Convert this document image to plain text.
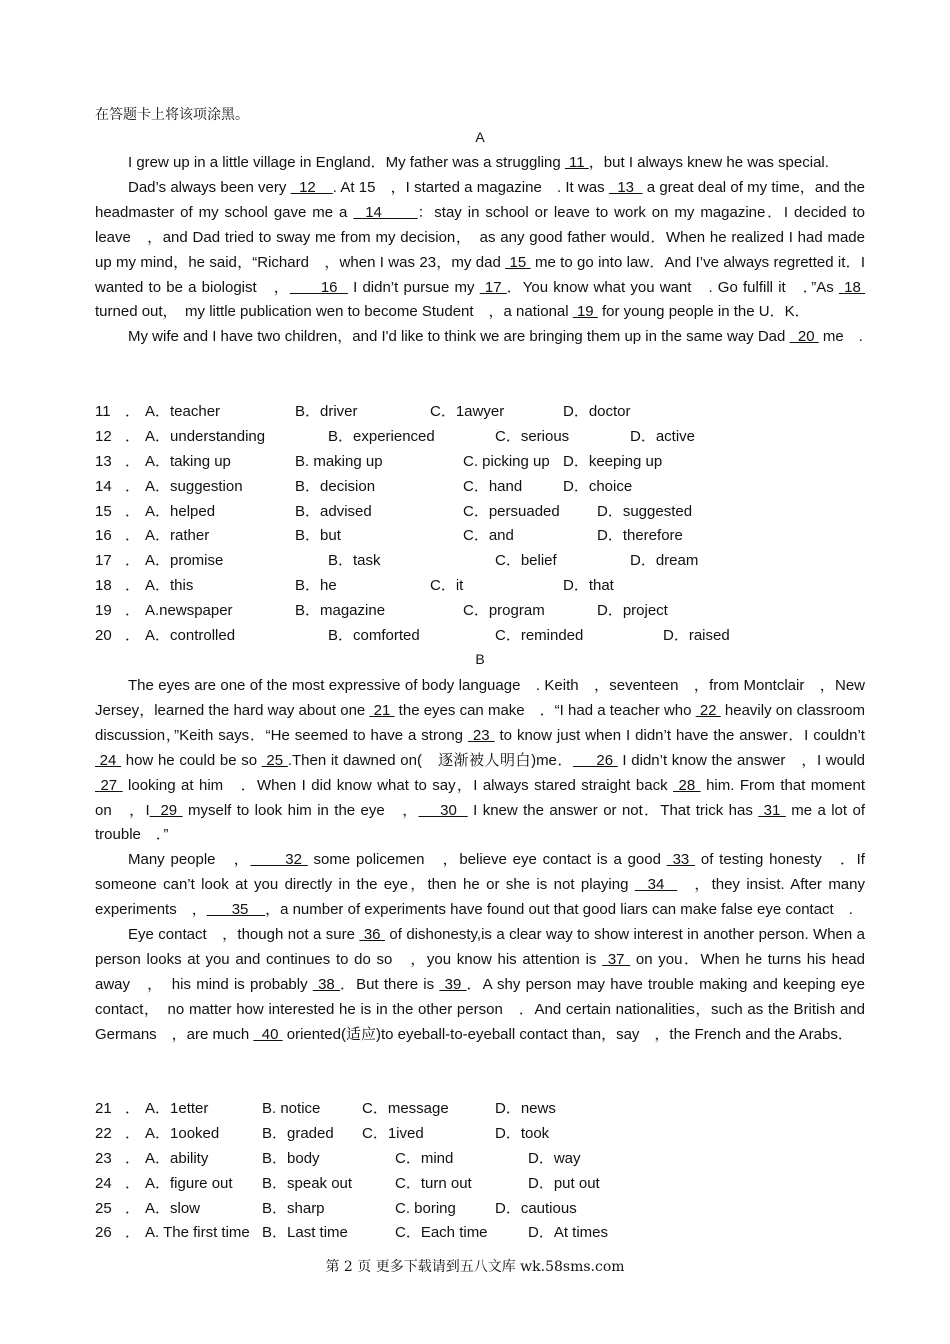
在答题卡上将该项涂黑。
A

I grew up in a little village in England．My father was a struggling  11 ，but I always knew he was special.

Dad’s always been very   12    . At 15　，I started a magazine　. It was   13   a great deal of my time，and the headmaster of my school gave me a   14      ：stay in school or leave to work on my magazine．I decided to leave　，and Dad tried to sway me from my decision，　as any good father would．When he realized I had made up my mind，he said，“Richard　，when I was 23，my dad  15  me to go into law．And I’ve always regretted it．I wanted to be a biologist　，      16   I didn’t pursue my  17 ．You know what you want　. Go fulfill it　．”As  18  turned out，　my little publication wen to become Student　，a national  19  for young people in the U．K．

My wife and I have two children，and I'd like to think we are bringing them up in the same way Dad   20  me　.

11 ． A．teacher	B．driver	C．1awyer	D．doctor
12 ． A．understanding	B．experienced	C．serious	D．active
13 ． A．taking up	B. making up	C. picking up D．keeping up
14 ． A．suggestion	B．decision	C．hand	D．choice
15 ． A．helped	B．advised	C．persuaded D．suggested
16 ． A．rather	B．but	C．and	D．therefore
17 ． A．promise	B．task	C．belief	D．dream
18 ． A．this	B．he	C．it	D．that
19 ． A.newspaper	B．magazine	C．program	D．project
20 ． A．controlled	B．comforted	C．reminded	D．raised
B

The eyes are one of the most expressive of body language　. Keith　，seventeen　，from Montclair　，New Jersey，learned the hard way about one  21  the eyes can make　．“I had a teacher who  22  heavily on classroom discussion，”Keith says．“He seemed to have a strong  23  to know just when I didn’t have the answer．I couldn’t  24  how he could be so  25 .Then it dawned on(　逐渐被人明白)me．     26  I didn’t know the answer　，I would  27  looking at him　．When I did know what to say，I always stared straight back  28  him. From that moment on　，I  29  myself to look him in the eye　，    30   I knew the answer or not．That trick has  31  me a lot of trouble　．”

Many people　，      32  some policemen　，believe eye contact is a good  33  of testing honesty　．If someone can’t look at you directly in the eye，then he or she is not playing   34  　，they insist. After many experiments　，      35    ，a number of experiments have found out that good liars can make false eye contact　.

Eye contact　，though not a sure  36  of dishonesty,is a clear way to show interest in another person. When a person looks at you and continues to do so　，you know his attention is  37  on you．When he turns his head away　，　his mind is probably  38 ．But there is  39 ．A shy person may have trouble making and keeping eye contact，　no matter how interested he is in the other person　．And certain nationalities，such as the British and Germans　，are much   40  oriented(适应)to eyeball-to-eyeball contact than，say　，the French and the Arabs．

21 ． A．1etter	B. notice	C．message	D．news
22 ． A．1ooked	B．graded C．1ived	D．took
23 ． A．ability	B．body	C．mind	D．way
24 ． A．figure out B．speak out	C．turn out	D．put out
25 ． A．slow	B．sharp	C. boring	D．cautious
26 ． A. The first time B．Last time	C．Each time	D．At times
第 2 页 更多下载请到五八文库 wk.58sms.com
